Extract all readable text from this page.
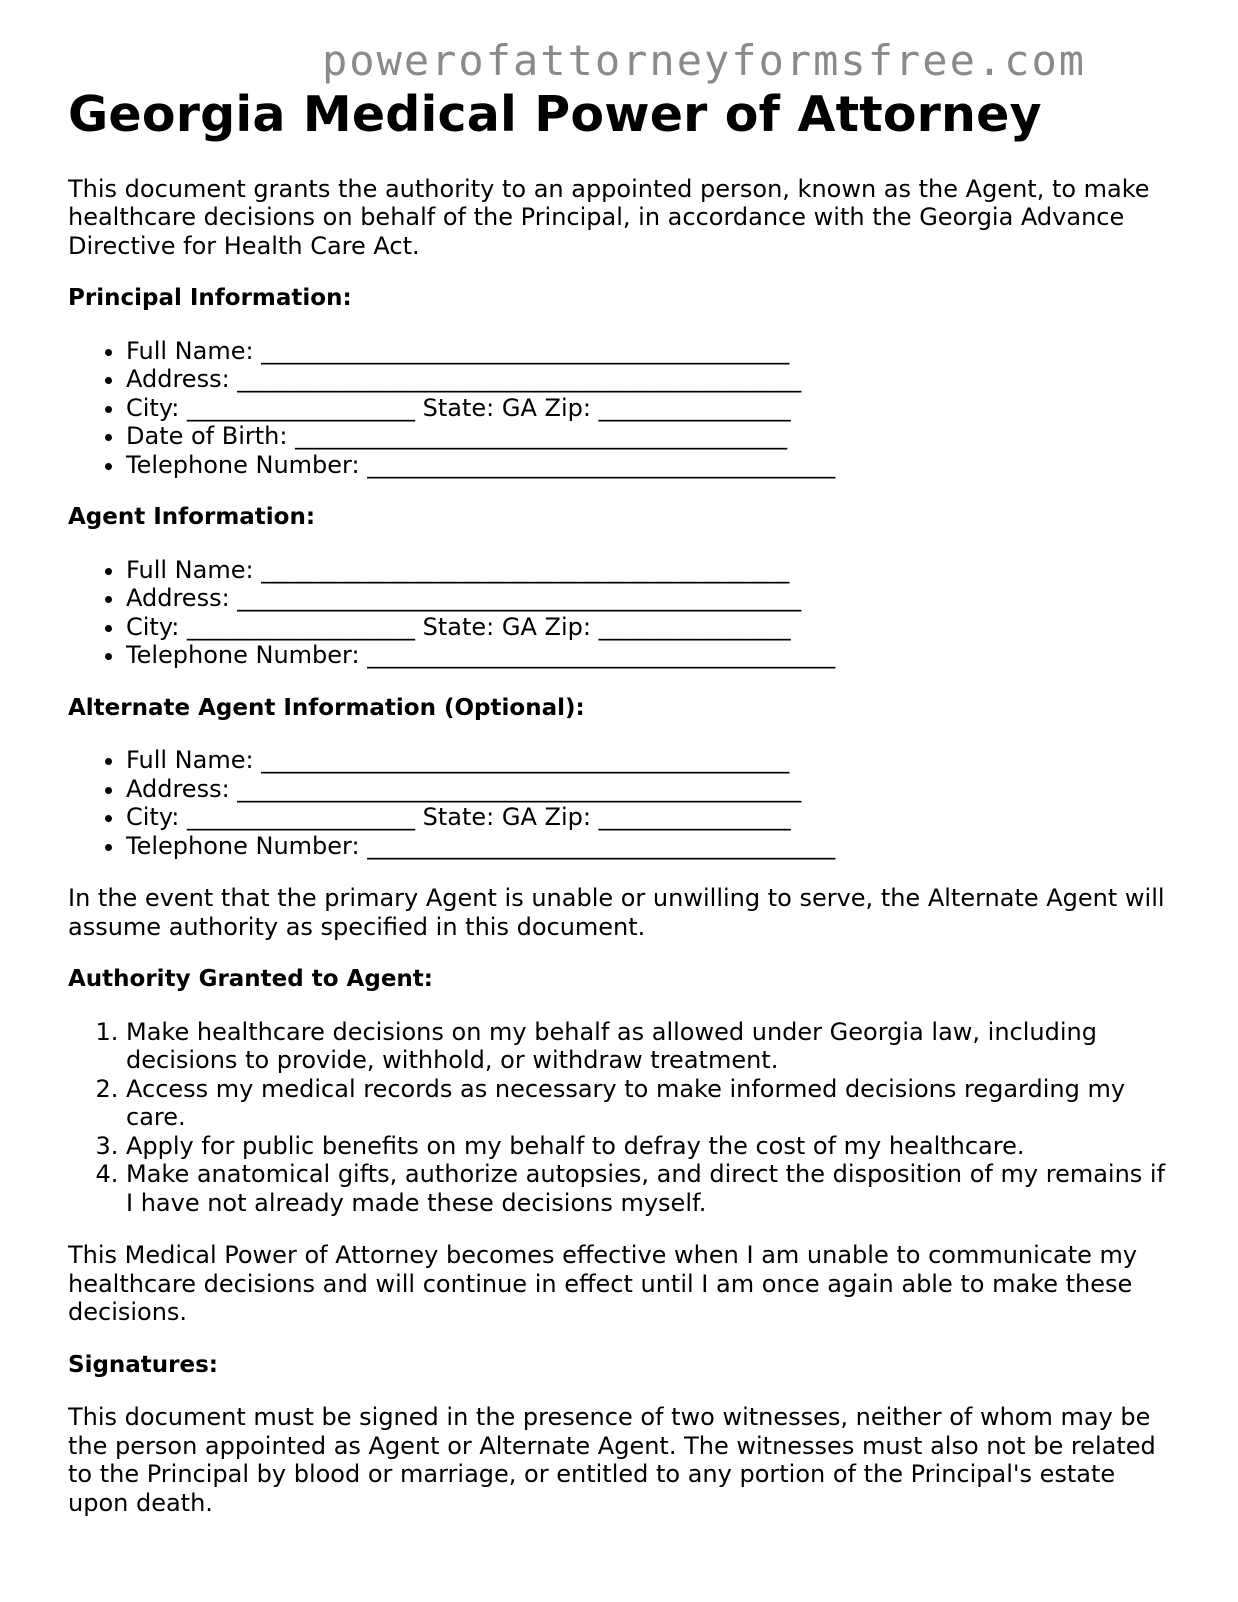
powerofattorneyformsfree.com
Georgia Medical Power of Attorney

This document grants the authority to an appointed person, known as the Agent, to make healthcare decisions on behalf of the Principal, in accordance with the Georgia Advance Directive for Health Care Act.

Principal Information:
• Full Name: ____________________________________________
• Address: _______________________________________________
• City: ___________________ State: GA Zip: ________________
• Date of Birth: _________________________________________
• Telephone Number: _______________________________________
Agent Information:
• Full Name: ____________________________________________
• Address: _______________________________________________
• City: ___________________ State: GA Zip: ________________
• Telephone Number: _______________________________________
Alternate Agent Information (Optional):
• Full Name: ____________________________________________
• Address: _______________________________________________
• City: ___________________ State: GA Zip: ________________
• Telephone Number: _______________________________________

In the event that the primary Agent is unable or unwilling to serve, the Alternate Agent will assume authority as specified in this document.

Authority Granted to Agent:
1. Make healthcare decisions on my behalf as allowed under Georgia law, including decisions to provide, withhold, or withdraw treatment.
2. Access my medical records as necessary to make informed decisions regarding my care.
3. Apply for public benefits on my behalf to defray the cost of my healthcare.
4. Make anatomical gifts, authorize autopsies, and direct the disposition of my remains if I have not already made these decisions myself.

This Medical Power of Attorney becomes effective when I am unable to communicate my healthcare decisions and will continue in effect until I am once again able to make these decisions.

Signatures:

This document must be signed in the presence of two witnesses, neither of whom may be the person appointed as Agent or Alternate Agent. The witnesses must also not be related to the Principal by blood or marriage, or entitled to any portion of the Principal's estate upon death.
